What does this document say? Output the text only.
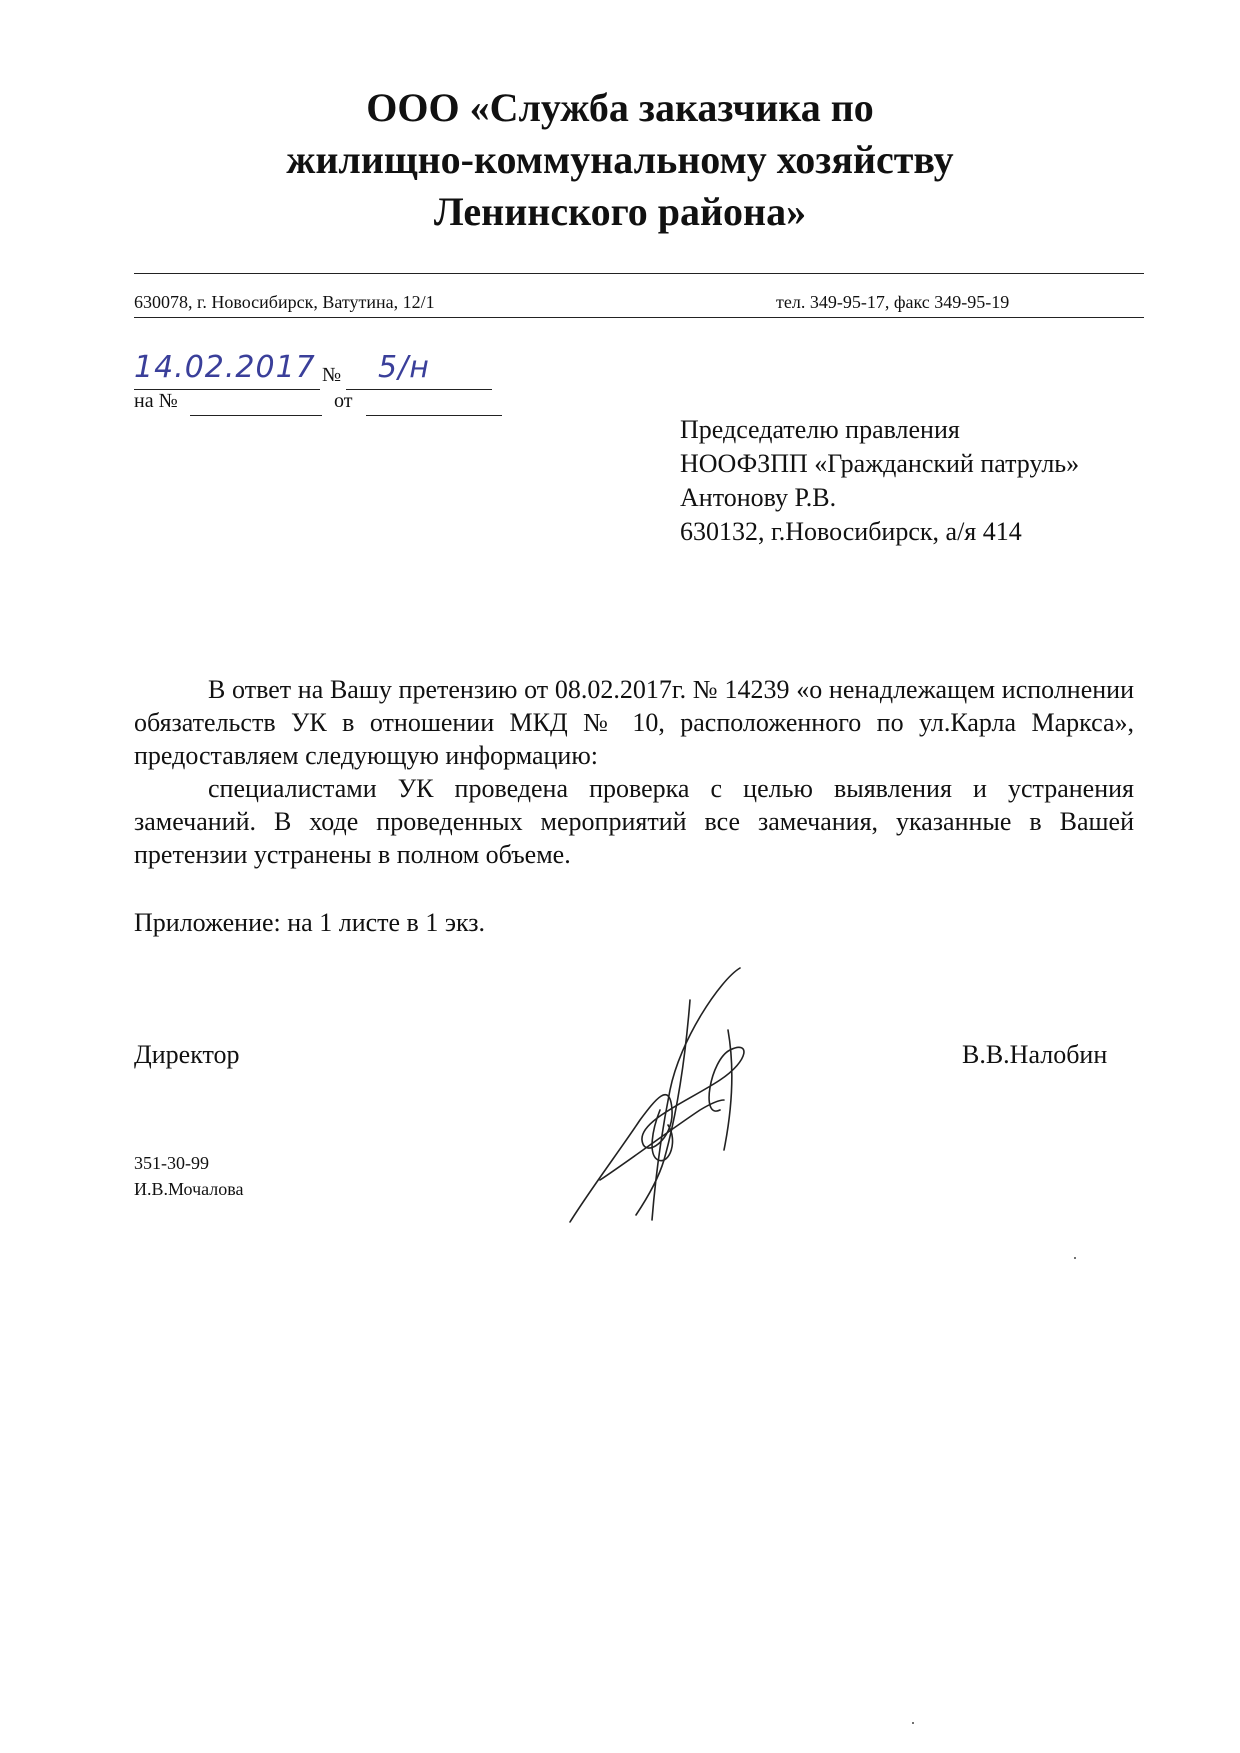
ООО «Служба заказчика по
жилищно-коммунальному хозяйству
Ленинского района»
630078, г. Новосибирск, Ватутина, 12/1	тел. 349-95-17, факс 349-95-19
14.02.2017 № 5/н
на №	от
Председателю правления
НООФЗПП «Гражданский патруль»
Антонову Р.В.
630132, г.Новосибирск, а/я 414
В ответ на Вашу претензию от 08.02.2017г. № 14239 «о ненадлежащем исполнении обязательств УК в отношении МКД № 10, расположенного по ул.Карла Маркса», предоставляем следующую информацию:
специалистами УК проведена проверка с целью выявления и устранения замечаний. В ходе проведенных мероприятий все замечания, указанные в Вашей претензии устранены в полном объеме.
Приложение: на 1 листе в 1 экз.
Директор	В.В.Налобин
351-30-99
И.В.Мочалова
